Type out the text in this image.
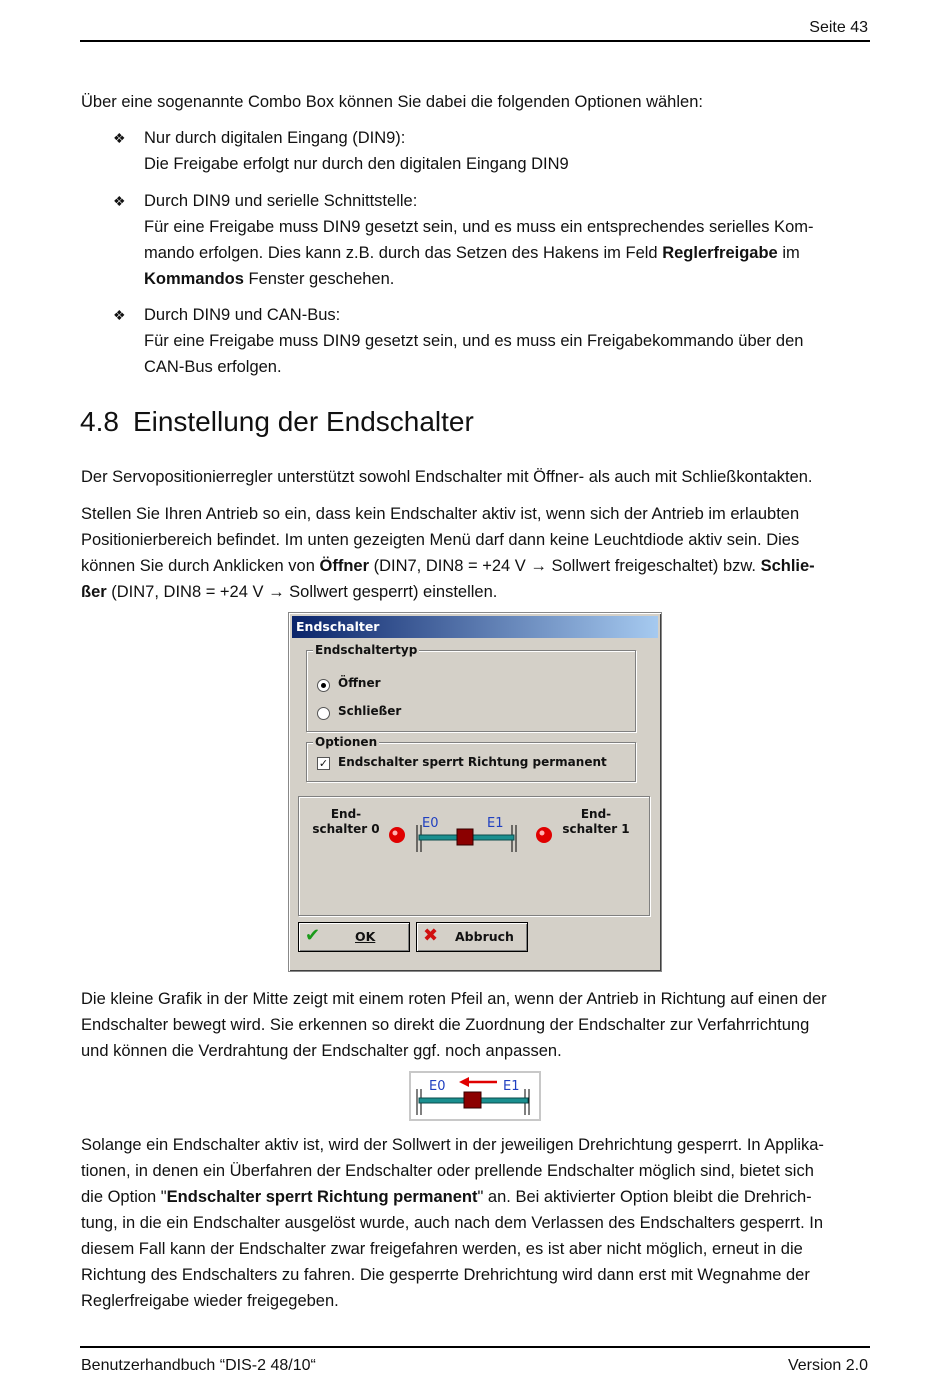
Seite 43
Über eine sogenannte Combo Box können Sie dabei die folgenden Optionen wählen:
❖ Nur durch digitalen Eingang (DIN9):
Die Freigabe erfolgt nur durch den digitalen Eingang DIN9
❖ Durch DIN9 und serielle Schnittstelle:
Für eine Freigabe muss DIN9 gesetzt sein, und es muss ein entsprechendes serielles Kom-
mando erfolgen. Dies kann z.B. durch das Setzen des Hakens im Feld Reglerfreigabe im
Kommandos Fenster geschehen.
❖ Durch DIN9 und CAN-Bus:
Für eine Freigabe muss DIN9 gesetzt sein, und es muss ein Freigabekommando über den
CAN-Bus erfolgen.
4.8 Einstellung der Endschalter
Der Servopositionierregler unterstützt sowohl Endschalter mit Öffner- als auch mit Schließkontakten.
Stellen Sie Ihren Antrieb so ein, dass kein Endschalter aktiv ist, wenn sich der Antrieb im erlaubten
Positionierbereich befindet. Im unten gezeigten Menü darf dann keine Leuchtdiode aktiv sein. Dies
können Sie durch Anklicken von Öffner (DIN7, DIN8 = +24 V → Sollwert freigeschaltet) bzw. Schlie-
ßer (DIN7, DIN8 = +24 V → Sollwert gesperrt) einstellen.
Endschalter
Endschaltertyp
Öffner
Schließer
Optionen
✓ Endschalter sperrt Richtung permanent
End-
schalter 0
End-
schalter 1
E0	E1
✔	OK	✖ Abbruch
Die kleine Grafik in der Mitte zeigt mit einem roten Pfeil an, wenn der Antrieb in Richtung auf einen der
Endschalter bewegt wird. Sie erkennen so direkt die Zuordnung der Endschalter zur Verfahrrichtung
und können die Verdrahtung der Endschalter ggf. noch anpassen.
E0	E1
Solange ein Endschalter aktiv ist, wird der Sollwert in der jeweiligen Drehrichtung gesperrt. In Applika-
tionen, in denen ein Überfahren der Endschalter oder prellende Endschalter möglich sind, bietet sich
die Option "Endschalter sperrt Richtung permanent" an. Bei aktivierter Option bleibt die Drehrich-
tung, in die ein Endschalter ausgelöst wurde, auch nach dem Verlassen des Endschalters gesperrt. In
diesem Fall kann der Endschalter zwar freigefahren werden, es ist aber nicht möglich, erneut in die
Richtung des Endschalters zu fahren. Die gesperrte Drehrichtung wird dann erst mit Wegnahme der
Reglerfreigabe wieder freigegeben.
Benutzerhandbuch “DIS-2 48/10“	Version 2.0
